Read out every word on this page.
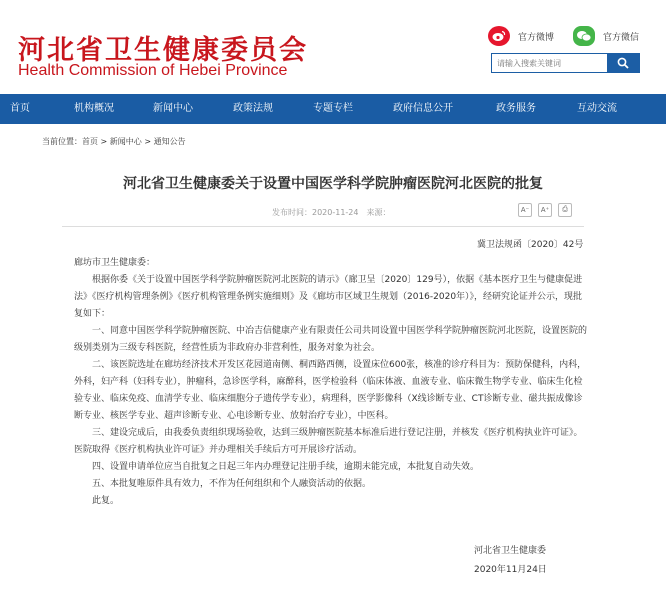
河北省卫生健康委员会
Health Commission of Hebei Province
官方微博	官方微信
请输入搜索关键词
首页	机构概况	新闻中心	政策法规	专题专栏	政府信息公开	政务服务	互动交流
当前位置：首页 > 新闻中心 > 通知公告
河北省卫生健康委关于设置中国医学科学院肿瘤医院河北医院的批复
发布时间：2020-11-24　来源：	A⁻	A⁺	⎙
冀卫法规函〔2020〕42号

廊坊市卫生健康委：

根据你委《关于设置中国医学科学院肿瘤医院河北医院的请示》（廊卫呈〔2020〕129号），依据《基本医疗卫生与健康促进法》《医疗机构管理条例》《医疗机构管理条例实施细则》及《廊坊市区域卫生规划（2016-2020年）》，经研究论证并公示，现批复如下：

一、同意中国医学科学院肿瘤医院、中冶吉信健康产业有限责任公司共同设置中国医学科学院肿瘤医院河北医院，设置医院的级别类别为三级专科医院，经营性质为非政府办非营利性，服务对象为社会。

二、该医院选址在廊坊经济技术开发区花园道南侧、桐西路西侧，设置床位600张，核准的诊疗科目为：预防保健科，内科，外科，妇产科（妇科专业），肿瘤科，急诊医学科，麻醉科，医学检验科（临床体液、血液专业、临床微生物学专业、临床生化检验专业、临床免疫、血清学专业、临床细胞分子遗传学专业），病理科，医学影像科（X线诊断专业、CT诊断专业、磁共振成像诊断专业、核医学专业、超声诊断专业、心电诊断专业、放射治疗专业），中医科。

三、建设完成后，由我委负责组织现场验收，达到三级肿瘤医院基本标准后进行登记注册，并核发《医疗机构执业许可证》。医院取得《医疗机构执业许可证》并办理相关手续后方可开展诊疗活动。

四、设置申请单位应当自批复之日起三年内办理登记注册手续，逾期未能完成，本批复自动失效。

五、本批复唯原件具有效力，不作为任何组织和个人融资活动的依据。

此复。

河北省卫生健康委
2020年11月24日
